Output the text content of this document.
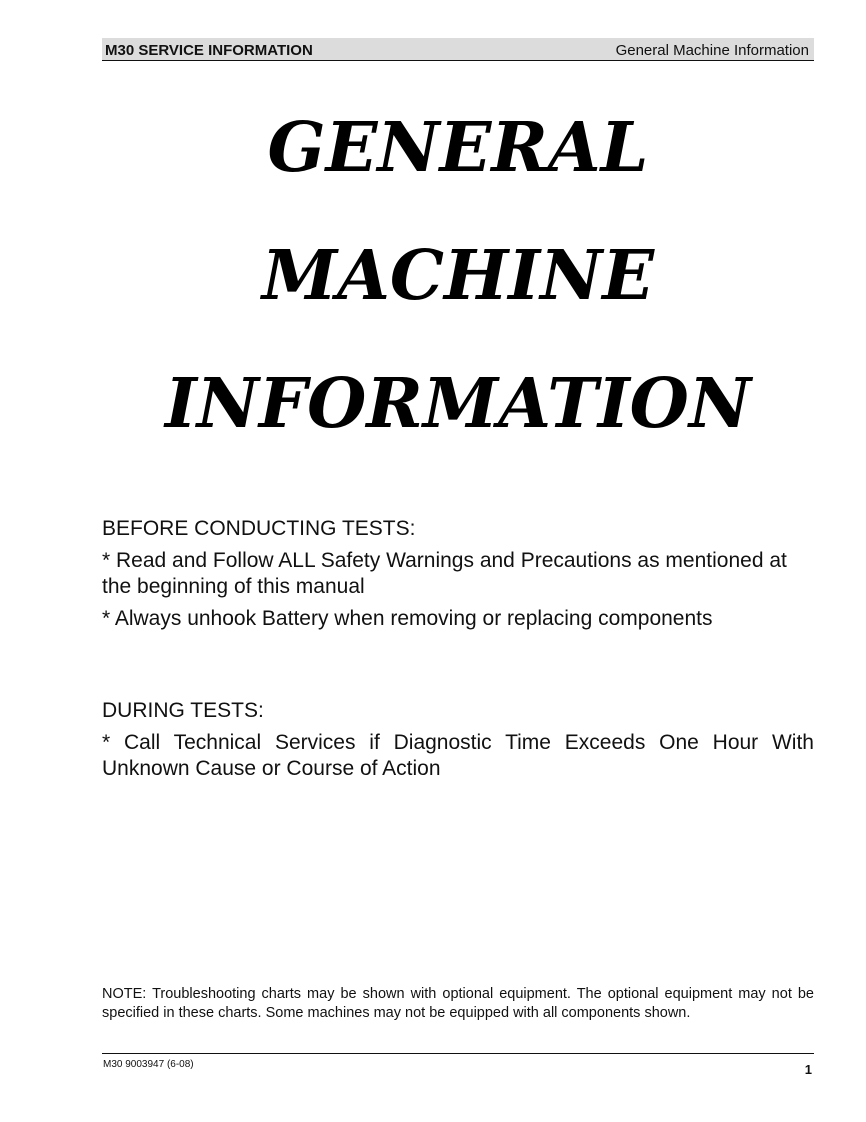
M30 SERVICE INFORMATION	General Machine Information
GENERAL
MACHINE
INFORMATION
BEFORE CONDUCTING TESTS:
* Read and Follow ALL Safety Warnings and Precautions as mentioned at the beginning of this manual
* Always unhook Battery when removing or replacing components
DURING TESTS:
* Call Technical Services if Diagnostic Time Exceeds One Hour With Unknown Cause or Course of Action
NOTE: Troubleshooting charts may be shown with optional equipment. The optional equipment may not be specified in these charts. Some machines may not be equipped with all components shown.
M30 9003947 (6-08)	1
